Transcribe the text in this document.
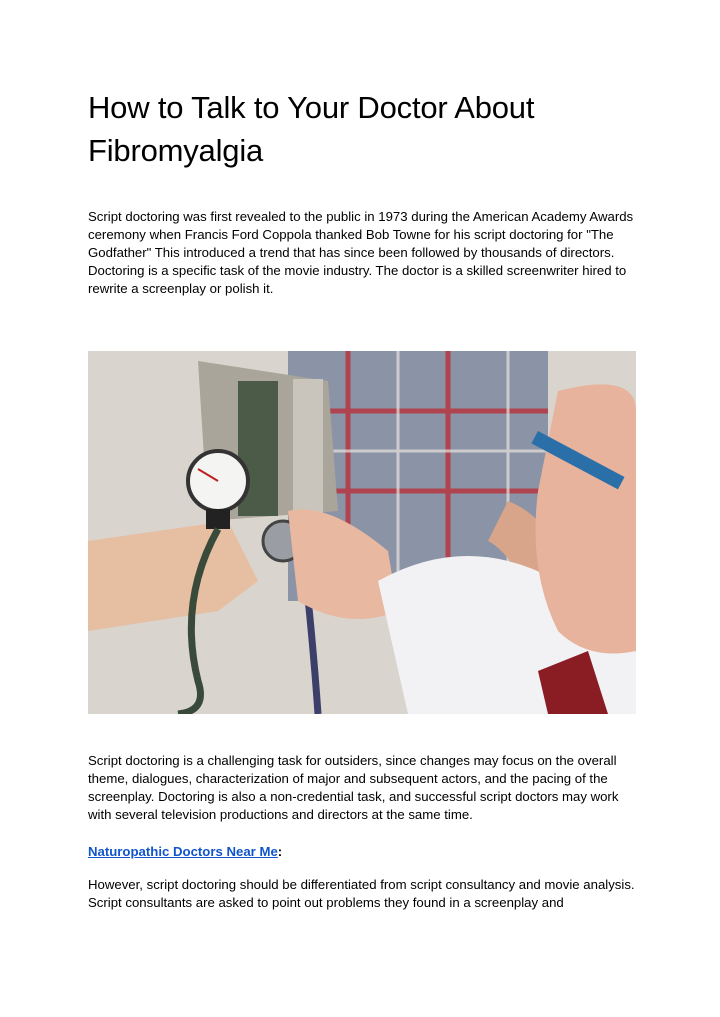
How to Talk to Your Doctor About Fibromyalgia

Script doctoring was first revealed to the public in 1973 during the American Academy Awards ceremony when Francis Ford Coppola thanked Bob Towne for his script doctoring for "The Godfather" This introduced a trend that has since been followed by thousands of directors. Doctoring is a specific task of the movie industry. The doctor is a skilled screenwriter hired to rewrite a screenplay or polish it.

Script doctoring is a challenging task for outsiders, since changes may focus on the overall theme, dialogues, characterization of major and subsequent actors, and the pacing of the screenplay. Doctoring is also a non-credential task, and successful script doctors may work with several television productions and directors at the same time.

Naturopathic Doctors Near Me:

However, script doctoring should be differentiated from script consultancy and movie analysis. Script consultants are asked to point out problems they found in a screenplay and
